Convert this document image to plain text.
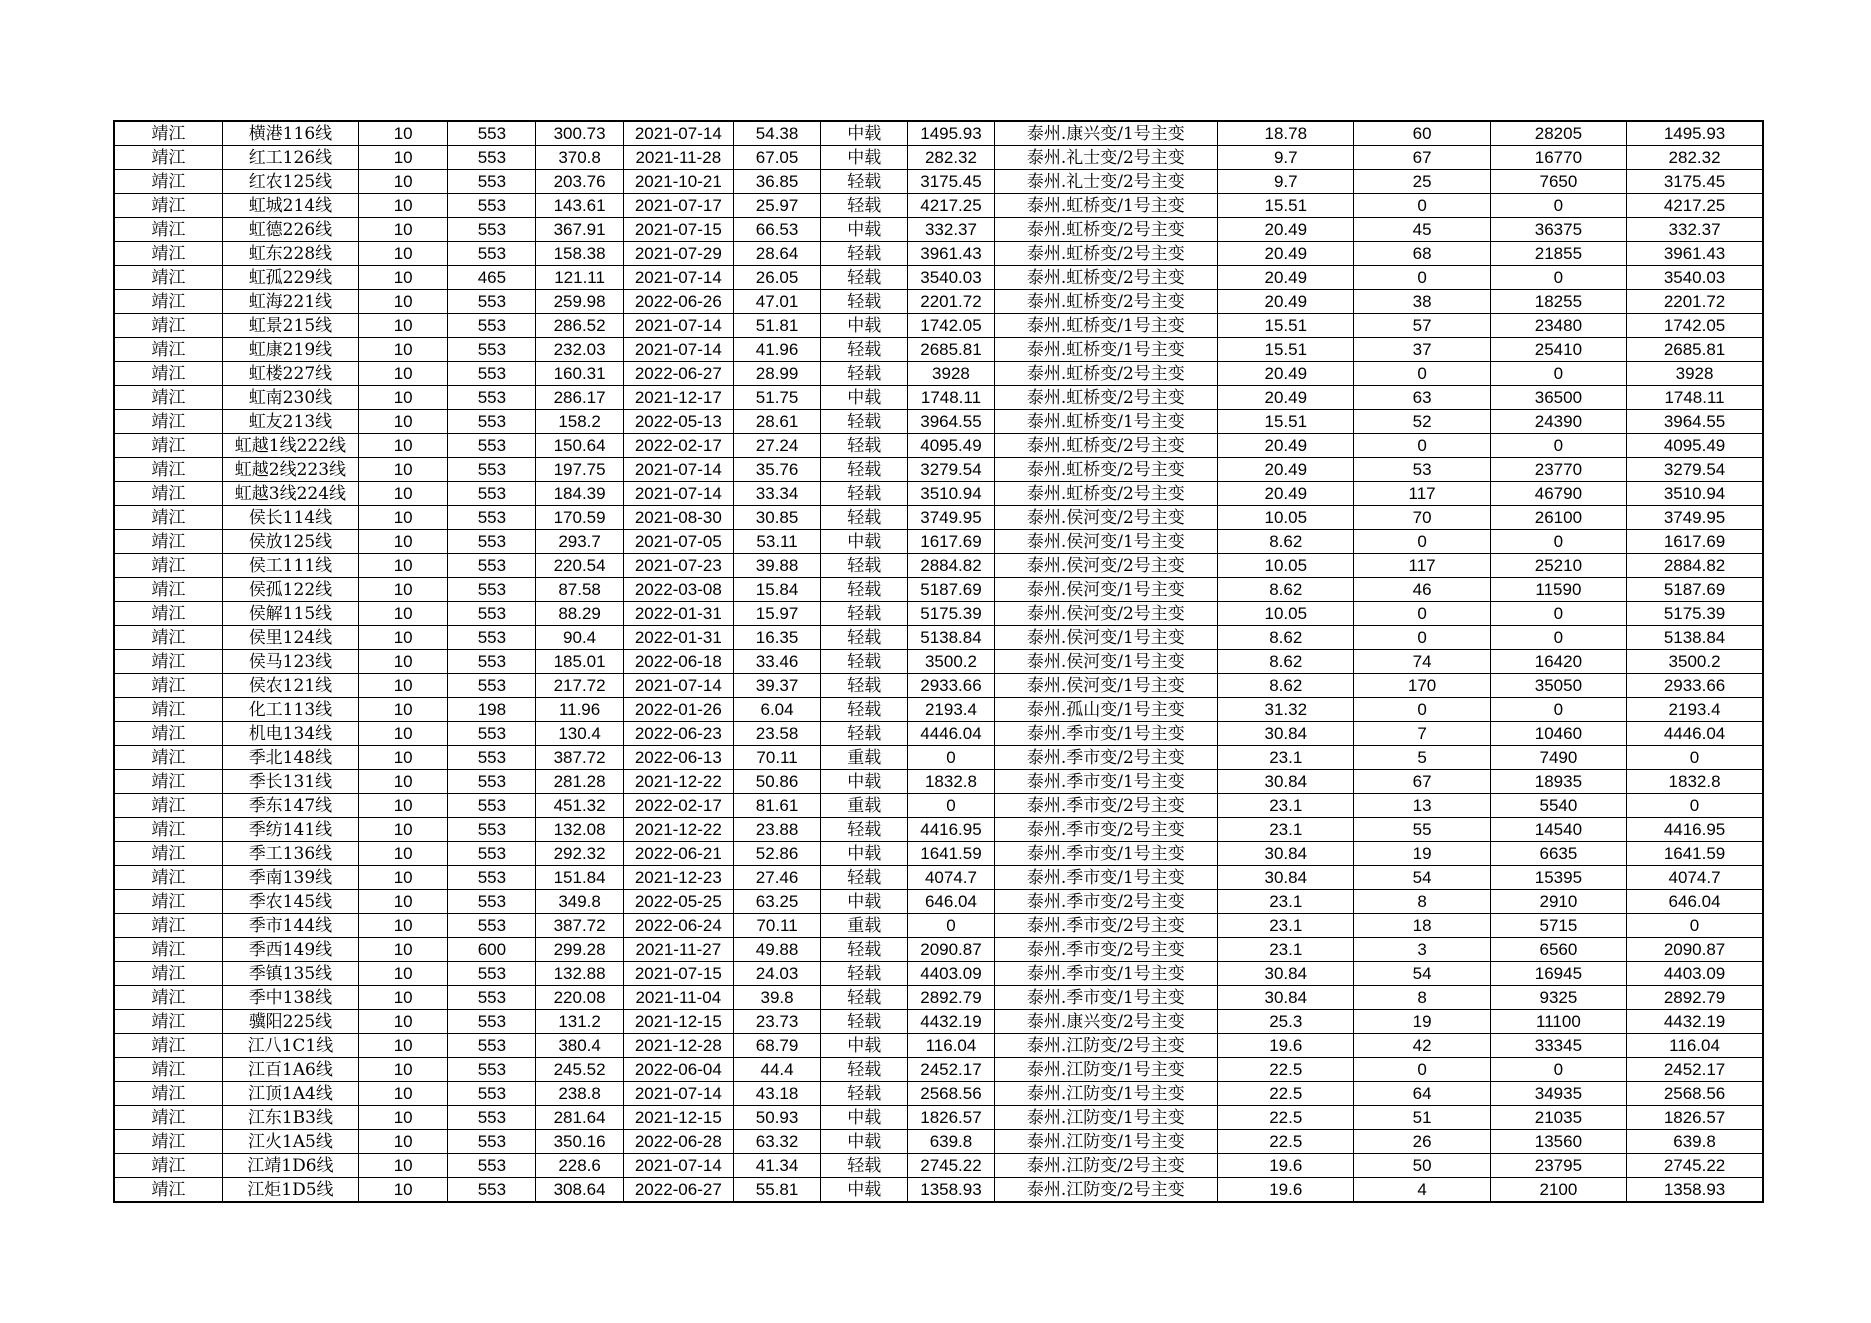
靖江	横港116线	10	553	300.73	2021-07-14	54.38	中载	1495.93	泰州.康兴变/1号主变	18.78	60	28205	1495.93
靖江	红工126线	10	553	370.8	2021-11-28	67.05	中载	282.32	泰州.礼士变/2号主变	9.7	67	16770	282.32
靖江	红农125线	10	553	203.76	2021-10-21	36.85	轻载	3175.45	泰州.礼士变/2号主变	9.7	25	7650	3175.45
靖江	虹城214线	10	553	143.61	2021-07-17	25.97	轻载	4217.25	泰州.虹桥变/1号主变	15.51	0	0	4217.25
靖江	虹德226线	10	553	367.91	2021-07-15	66.53	中载	332.37	泰州.虹桥变/2号主变	20.49	45	36375	332.37
靖江	虹东228线	10	553	158.38	2021-07-29	28.64	轻载	3961.43	泰州.虹桥变/2号主变	20.49	68	21855	3961.43
靖江	虹孤229线	10	465	121.11	2021-07-14	26.05	轻载	3540.03	泰州.虹桥变/2号主变	20.49	0	0	3540.03
靖江	虹海221线	10	553	259.98	2022-06-26	47.01	轻载	2201.72	泰州.虹桥变/2号主变	20.49	38	18255	2201.72
靖江	虹景215线	10	553	286.52	2021-07-14	51.81	中载	1742.05	泰州.虹桥变/1号主变	15.51	57	23480	1742.05
靖江	虹康219线	10	553	232.03	2021-07-14	41.96	轻载	2685.81	泰州.虹桥变/1号主变	15.51	37	25410	2685.81
靖江	虹楼227线	10	553	160.31	2022-06-27	28.99	轻载	3928	泰州.虹桥变/2号主变	20.49	0	0	3928
靖江	虹南230线	10	553	286.17	2021-12-17	51.75	中载	1748.11	泰州.虹桥变/2号主变	20.49	63	36500	1748.11
靖江	虹友213线	10	553	158.2	2022-05-13	28.61	轻载	3964.55	泰州.虹桥变/1号主变	15.51	52	24390	3964.55
靖江	虹越1线222线	10	553	150.64	2022-02-17	27.24	轻载	4095.49	泰州.虹桥变/2号主变	20.49	0	0	4095.49
靖江	虹越2线223线	10	553	197.75	2021-07-14	35.76	轻载	3279.54	泰州.虹桥变/2号主变	20.49	53	23770	3279.54
靖江	虹越3线224线	10	553	184.39	2021-07-14	33.34	轻载	3510.94	泰州.虹桥变/2号主变	20.49	117	46790	3510.94
靖江	侯长114线	10	553	170.59	2021-08-30	30.85	轻载	3749.95	泰州.侯河变/2号主变	10.05	70	26100	3749.95
靖江	侯放125线	10	553	293.7	2021-07-05	53.11	中载	1617.69	泰州.侯河变/1号主变	8.62	0	0	1617.69
靖江	侯工111线	10	553	220.54	2021-07-23	39.88	轻载	2884.82	泰州.侯河变/2号主变	10.05	117	25210	2884.82
靖江	侯孤122线	10	553	87.58	2022-03-08	15.84	轻载	5187.69	泰州.侯河变/1号主变	8.62	46	11590	5187.69
靖江	侯解115线	10	553	88.29	2022-01-31	15.97	轻载	5175.39	泰州.侯河变/2号主变	10.05	0	0	5175.39
靖江	侯里124线	10	553	90.4	2022-01-31	16.35	轻载	5138.84	泰州.侯河变/1号主变	8.62	0	0	5138.84
靖江	侯马123线	10	553	185.01	2022-06-18	33.46	轻载	3500.2	泰州.侯河变/1号主变	8.62	74	16420	3500.2
靖江	侯农121线	10	553	217.72	2021-07-14	39.37	轻载	2933.66	泰州.侯河变/1号主变	8.62	170	35050	2933.66
靖江	化工113线	10	198	11.96	2022-01-26	6.04	轻载	2193.4	泰州.孤山变/1号主变	31.32	0	0	2193.4
靖江	机电134线	10	553	130.4	2022-06-23	23.58	轻载	4446.04	泰州.季市变/1号主变	30.84	7	10460	4446.04
靖江	季北148线	10	553	387.72	2022-06-13	70.11	重载	0	泰州.季市变/2号主变	23.1	5	7490	0
靖江	季长131线	10	553	281.28	2021-12-22	50.86	中载	1832.8	泰州.季市变/1号主变	30.84	67	18935	1832.8
靖江	季东147线	10	553	451.32	2022-02-17	81.61	重载	0	泰州.季市变/2号主变	23.1	13	5540	0
靖江	季纺141线	10	553	132.08	2021-12-22	23.88	轻载	4416.95	泰州.季市变/2号主变	23.1	55	14540	4416.95
靖江	季工136线	10	553	292.32	2022-06-21	52.86	中载	1641.59	泰州.季市变/1号主变	30.84	19	6635	1641.59
靖江	季南139线	10	553	151.84	2021-12-23	27.46	轻载	4074.7	泰州.季市变/1号主变	30.84	54	15395	4074.7
靖江	季农145线	10	553	349.8	2022-05-25	63.25	中载	646.04	泰州.季市变/2号主变	23.1	8	2910	646.04
靖江	季市144线	10	553	387.72	2022-06-24	70.11	重载	0	泰州.季市变/2号主变	23.1	18	5715	0
靖江	季西149线	10	600	299.28	2021-11-27	49.88	轻载	2090.87	泰州.季市变/2号主变	23.1	3	6560	2090.87
靖江	季镇135线	10	553	132.88	2021-07-15	24.03	轻载	4403.09	泰州.季市变/1号主变	30.84	54	16945	4403.09
靖江	季中138线	10	553	220.08	2021-11-04	39.8	轻载	2892.79	泰州.季市变/1号主变	30.84	8	9325	2892.79
靖江	骥阳225线	10	553	131.2	2021-12-15	23.73	轻载	4432.19	泰州.康兴变/2号主变	25.3	19	11100	4432.19
靖江	江八1C1线	10	553	380.4	2021-12-28	68.79	中载	116.04	泰州.江防变/2号主变	19.6	42	33345	116.04
靖江	江百1A6线	10	553	245.52	2022-06-04	44.4	轻载	2452.17	泰州.江防变/1号主变	22.5	0	0	2452.17
靖江	江顶1A4线	10	553	238.8	2021-07-14	43.18	轻载	2568.56	泰州.江防变/1号主变	22.5	64	34935	2568.56
靖江	江东1B3线	10	553	281.64	2021-12-15	50.93	中载	1826.57	泰州.江防变/1号主变	22.5	51	21035	1826.57
靖江	江火1A5线	10	553	350.16	2022-06-28	63.32	中载	639.8	泰州.江防变/1号主变	22.5	26	13560	639.8
靖江	江靖1D6线	10	553	228.6	2021-07-14	41.34	轻载	2745.22	泰州.江防变/2号主变	19.6	50	23795	2745.22
靖江	江炬1D5线	10	553	308.64	2022-06-27	55.81	中载	1358.93	泰州.江防变/2号主变	19.6	4	2100	1358.93
